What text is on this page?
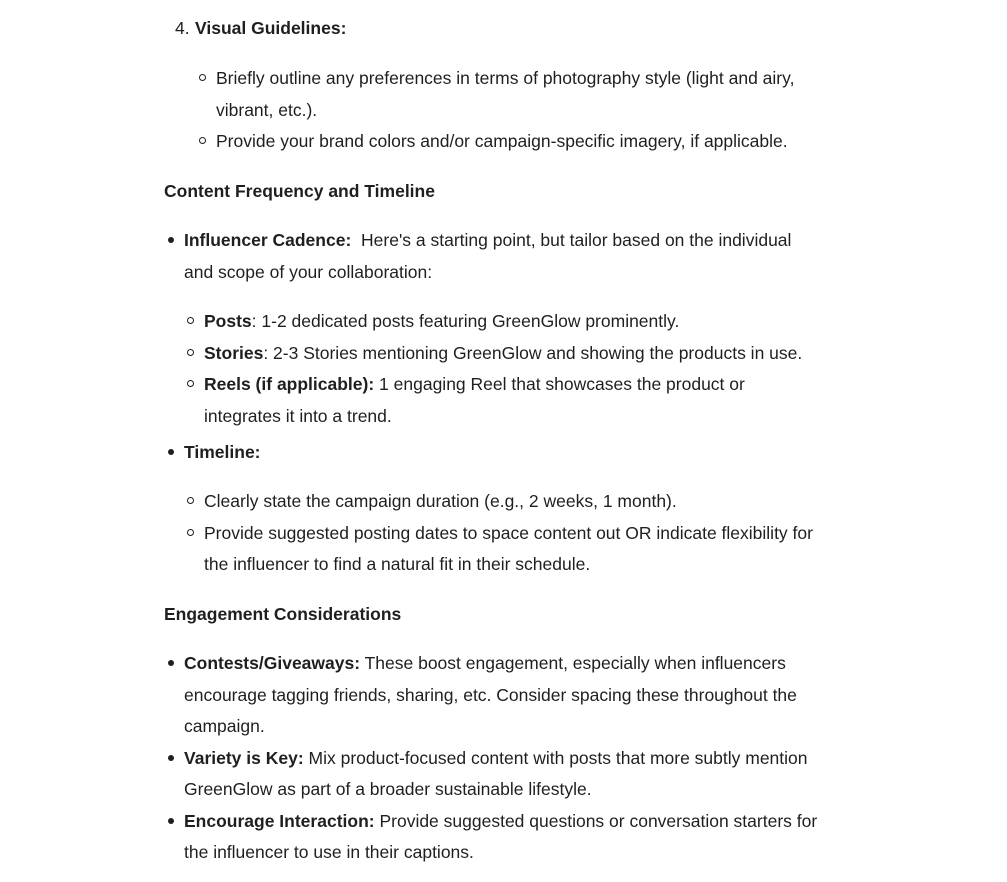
4. Visual Guidelines:
Briefly outline any preferences in terms of photography style (light and airy,
vibrant, etc.).
Provide your brand colors and/or campaign-specific imagery, if applicable.
Content Frequency and Timeline
Influencer Cadence: Here's a starting point, but tailor based on the individual
and scope of your collaboration:
Posts: 1-2 dedicated posts featuring GreenGlow prominently.
Stories: 2-3 Stories mentioning GreenGlow and showing the products in use.
Reels (if applicable): 1 engaging Reel that showcases the product or
integrates it into a trend.
Timeline:
Clearly state the campaign duration (e.g., 2 weeks, 1 month).
Provide suggested posting dates to space content out OR indicate flexibility for
the influencer to find a natural fit in their schedule.
Engagement Considerations
Contests/Giveaways: These boost engagement, especially when influencers
encourage tagging friends, sharing, etc. Consider spacing these throughout the
campaign.
Variety is Key: Mix product-focused content with posts that more subtly mention
GreenGlow as part of a broader sustainable lifestyle.
Encourage Interaction: Provide suggested questions or conversation starters for
the influencer to use in their captions.
